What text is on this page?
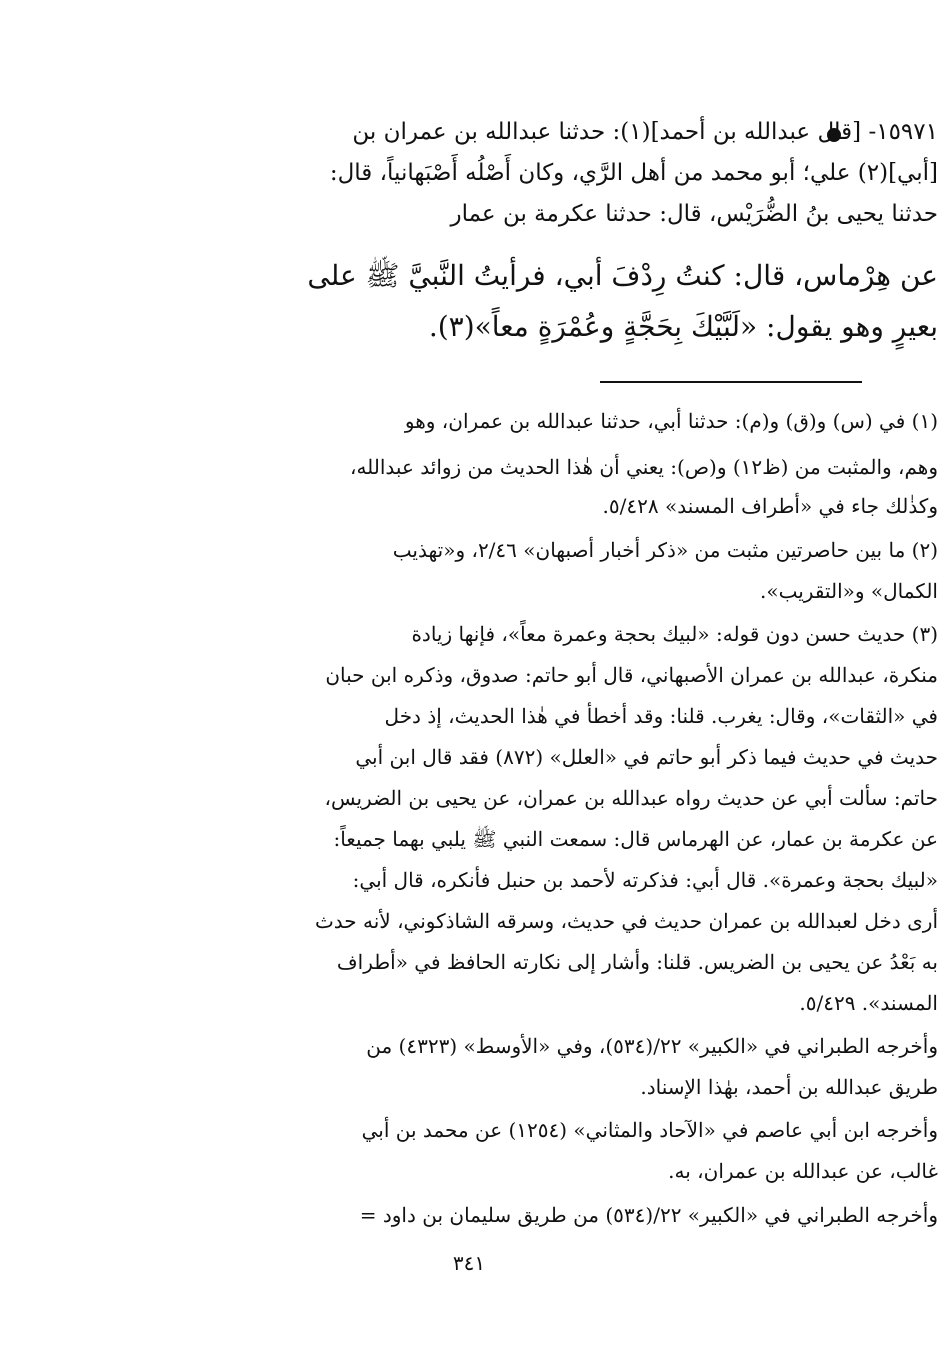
١٥٩٧١- [قال عبدالله بن أحمد](١): حدثنا عبدالله بن عمران بن

[أبي](٢) علي؛ أبو محمد من أهل الرَّي، وكان أَصْلُه أَصْبَهانياً، قال:

حدثنا يحيى بنُ الضُّرَيْس، قال: حدثنا عكرمة بن عمار

عن هِرْماس، قال: كنتُ رِدْفَ أبي، فرأيتُ النَّبيَّ ﷺ على

بعيرٍ وهو يقول: «لَبَّيْكَ بِحَجَّةٍ وعُمْرَةٍ معاً»(٣).

(١) في (س) و(ق) و(م): حدثنا أبي، حدثنا عبدالله بن عمران، وهو

وهم، والمثبت من (ظ١٢) و(ص): يعني أن هٰذا الحديث من زوائد عبدالله،

وكذٰلك جاء في «أطراف المسند» ٥/٤٢٨.

(٢) ما بين حاصرتين مثبت من «ذكر أخبار أصبهان» ٢/٤٦، و«تهذيب

الكمال» و«التقريب».

(٣) حديث حسن دون قوله: «لبيك بحجة وعمرة معاً»، فإنها زيادة

منكرة، عبدالله بن عمران الأصبهاني، قال أبو حاتم: صدوق، وذكره ابن حبان

في «الثقات»، وقال: يغرب. قلنا: وقد أخطأ في هٰذا الحديث، إذ دخل

حديث في حديث فيما ذكر أبو حاتم في «العلل» (٨٧٢) فقد قال ابن أبي

حاتم: سألت أبي عن حديث رواه عبدالله بن عمران، عن يحيى بن الضريس،

عن عكرمة بن عمار، عن الهرماس قال: سمعت النبي ﷺ يلبي بهما جميعاً:

«لبيك بحجة وعمرة». قال أبي: فذكرته لأحمد بن حنبل فأنكره، قال أبي:

أرى دخل لعبدالله بن عمران حديث في حديث، وسرقه الشاذكوني، لأنه حدث

به بَعْدُ عن يحيى بن الضريس. قلنا: وأشار إلى نكارته الحافظ في «أطراف

المسند». ٥/٤٢٩.

وأخرجه الطبراني في «الكبير» ٢٢/(٥٣٤)، وفي «الأوسط» (٤٣٢٣) من

طريق عبدالله بن أحمد، بهٰذا الإسناد.

وأخرجه ابن أبي عاصم في «الآحاد والمثاني» (١٢٥٤) عن محمد بن أبي

غالب، عن عبدالله بن عمران، به.

وأخرجه الطبراني في «الكبير» ٢٢/(٥٣٤) من طريق سليمان بن داود =

٣٤١
